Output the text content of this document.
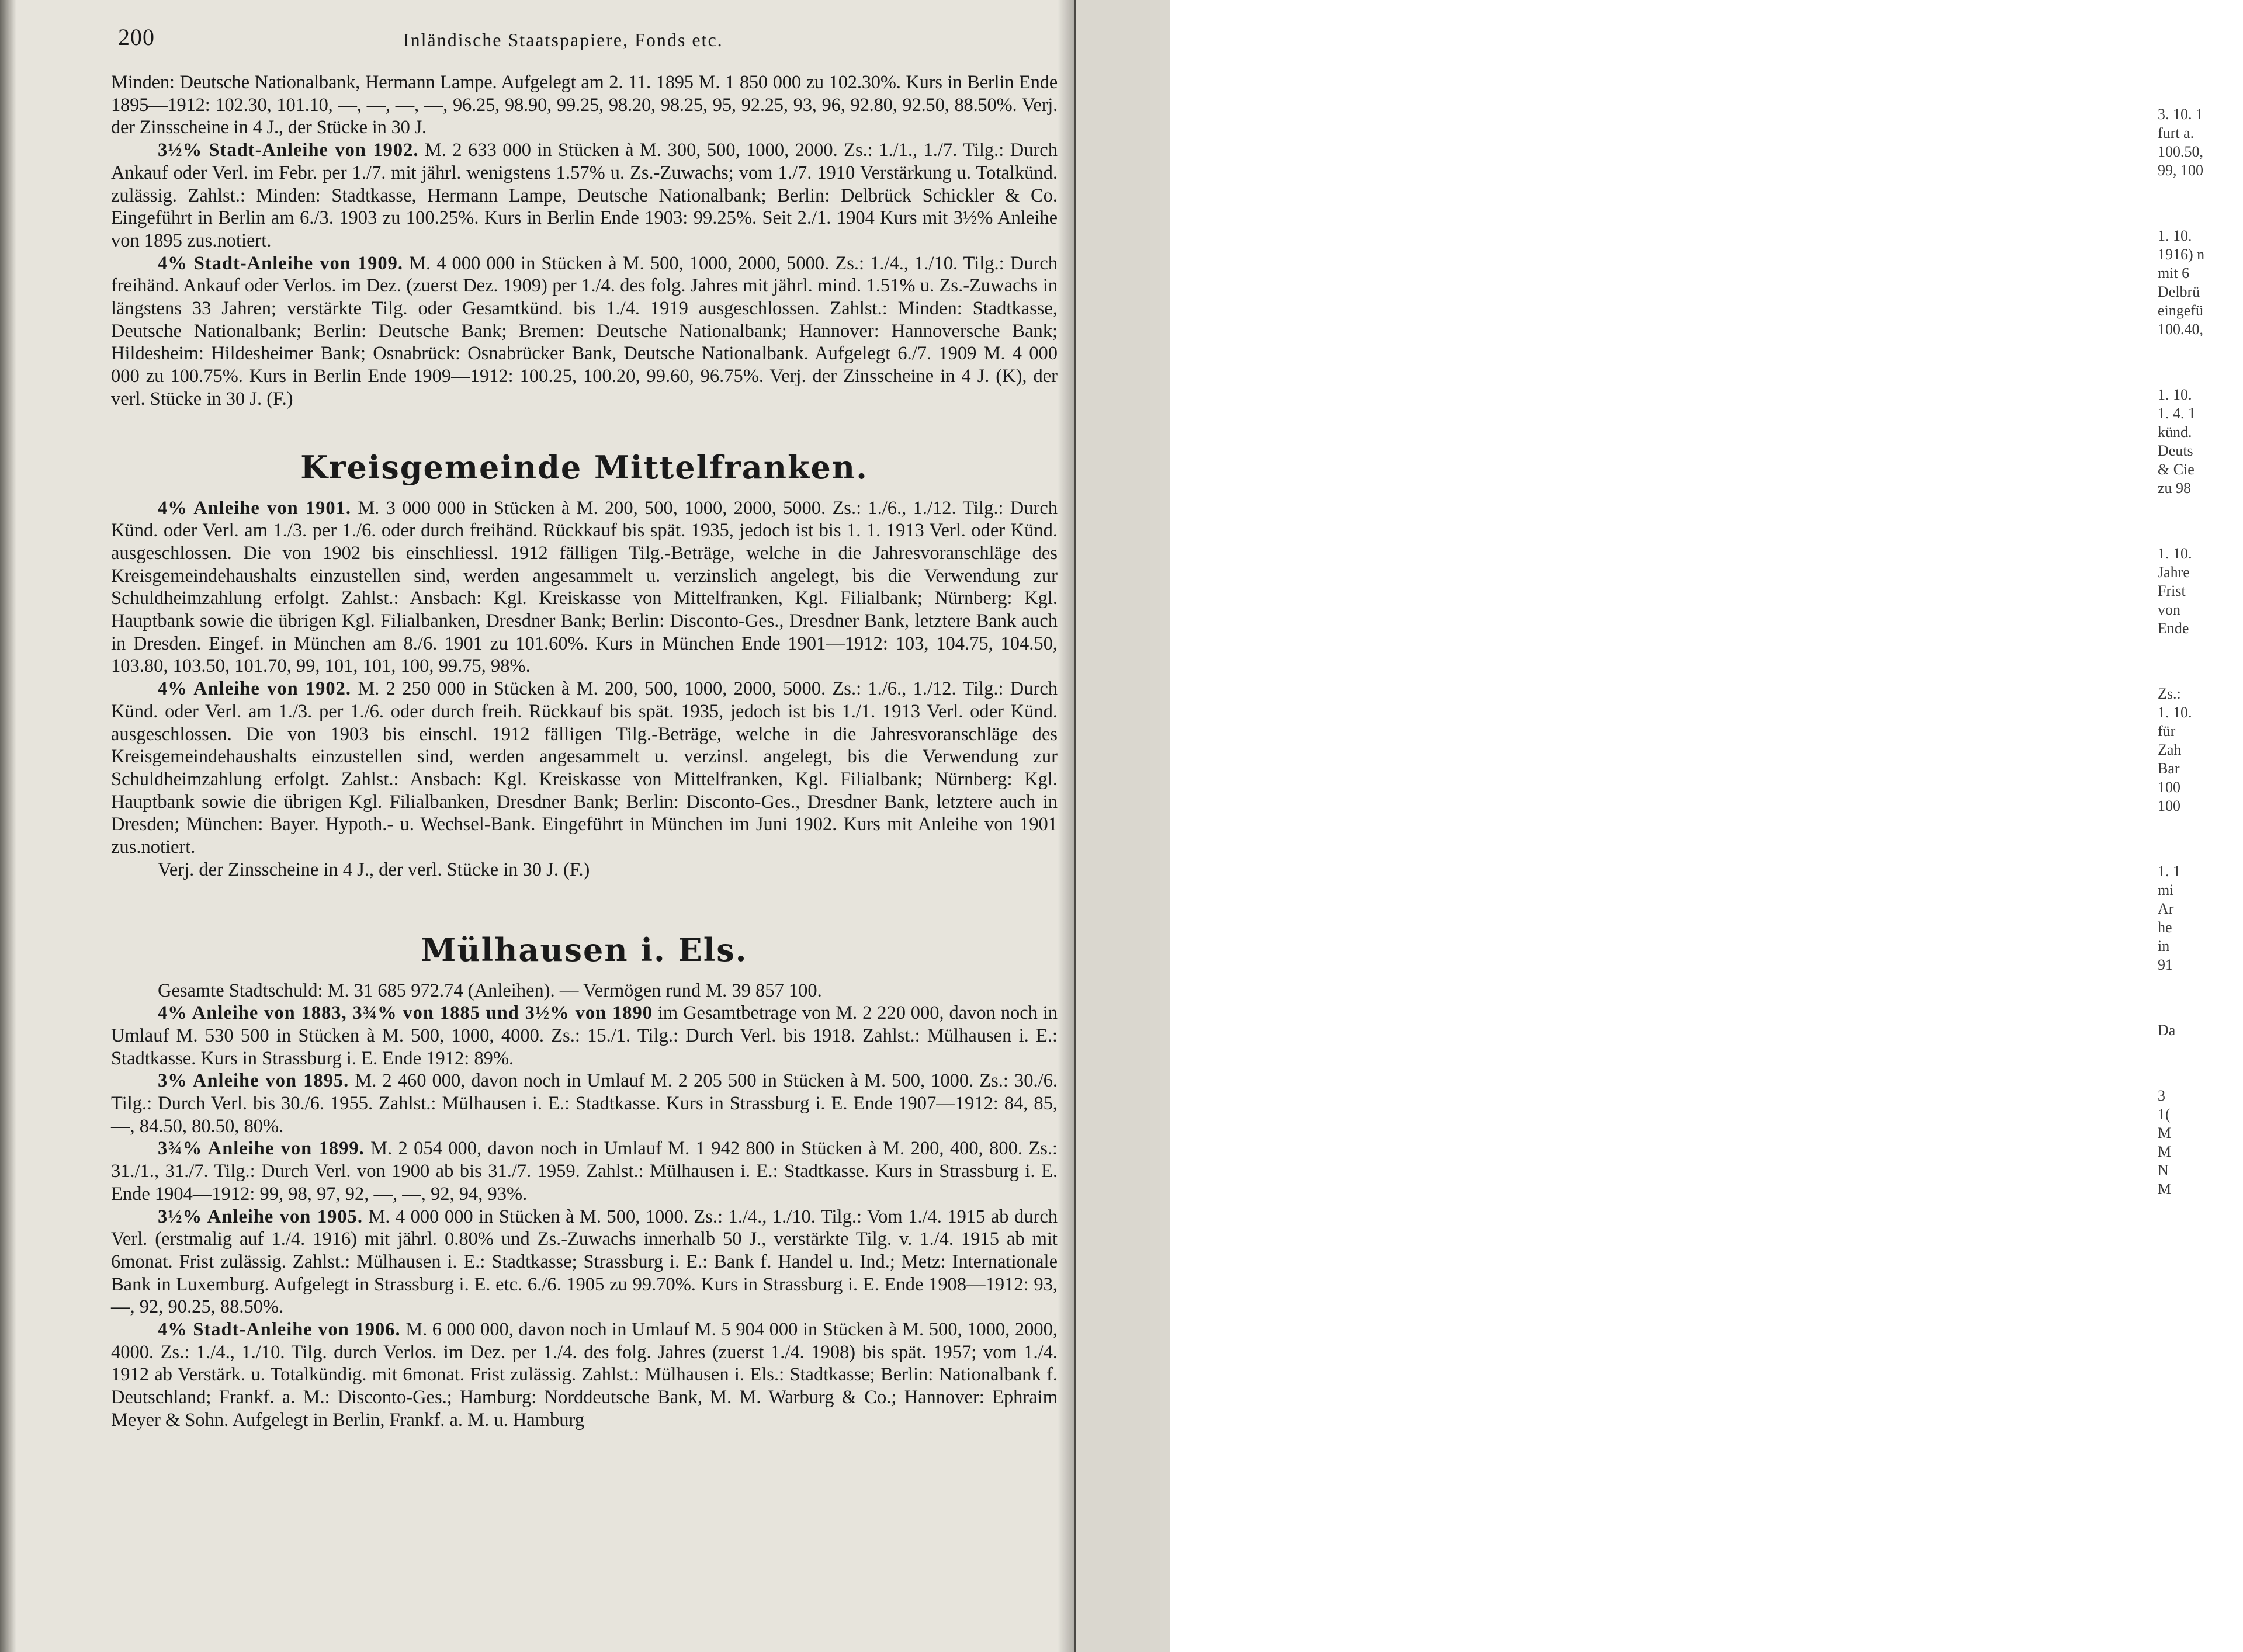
3. 10. 1
furt a.
100.50,
99, 100
1. 10.
1916) n
mit 6
Delbrü
eingefü
100.40,
1. 10.
1. 4. 1
künd.
Deuts
& Cie
zu 98
1. 10.
Jahre
Frist
von
Ende
Zs.:
1. 10.
für
Zah
Bar
100
100
1. 1
mi
Ar
he
in
91
Da
3
1(
M
M
N
M
200	Inländische Staatspapiere, Fonds etc.

Minden: Deutsche Nationalbank, Hermann Lampe. Aufgelegt am 2. 11. 1895 M. 1 850 000 zu 102.30%. Kurs in Berlin Ende 1895—1912: 102.30, 101.10, —, —, —, —, 96.25, 98.90, 99.25, 98.20, 98.25, 95, 92.25, 93, 96, 92.80, 92.50, 88.50%. Verj. der Zinsscheine in 4 J., der Stücke in 30 J.

3½% Stadt-Anleihe von 1902. M. 2 633 000 in Stücken à M. 300, 500, 1000, 2000. Zs.: 1./1., 1./7. Tilg.: Durch Ankauf oder Verl. im Febr. per 1./7. mit jährl. wenigstens 1.57% u. Zs.-Zuwachs; vom 1./7. 1910 Verstärkung u. Totalkünd. zulässig. Zahlst.: Minden: Stadtkasse, Hermann Lampe, Deutsche Nationalbank; Berlin: Delbrück Schickler & Co. Eingeführt in Berlin am 6./3. 1903 zu 100.25%. Kurs in Berlin Ende 1903: 99.25%. Seit 2./1. 1904 Kurs mit 3½% Anleihe von 1895 zus.notiert.

4% Stadt-Anleihe von 1909. M. 4 000 000 in Stücken à M. 500, 1000, 2000, 5000. Zs.: 1./4., 1./10. Tilg.: Durch freihänd. Ankauf oder Verlos. im Dez. (zuerst Dez. 1909) per 1./4. des folg. Jahres mit jährl. mind. 1.51% u. Zs.-Zuwachs in längstens 33 Jahren; verstärkte Tilg. oder Gesamtkünd. bis 1./4. 1919 ausgeschlossen. Zahlst.: Minden: Stadtkasse, Deutsche Nationalbank; Berlin: Deutsche Bank; Bremen: Deutsche Nationalbank; Hannover: Hannoversche Bank; Hildesheim: Hildesheimer Bank; Osnabrück: Osnabrücker Bank, Deutsche Nationalbank. Aufgelegt 6./7. 1909 M. 4 000 000 zu 100.75%. Kurs in Berlin Ende 1909—1912: 100.25, 100.20, 99.60, 96.75%. Verj. der Zinsscheine in 4 J. (K), der verl. Stücke in 30 J. (F.)

Kreisgemeinde Mittelfranken.

4% Anleihe von 1901. M. 3 000 000 in Stücken à M. 200, 500, 1000, 2000, 5000. Zs.: 1./6., 1./12. Tilg.: Durch Künd. oder Verl. am 1./3. per 1./6. oder durch freihänd. Rückkauf bis spät. 1935, jedoch ist bis 1. 1. 1913 Verl. oder Künd. ausgeschlossen. Die von 1902 bis einschliessl. 1912 fälligen Tilg.-Beträge, welche in die Jahresvoranschläge des Kreisgemeindehaushalts einzustellen sind, werden angesammelt u. verzinslich angelegt, bis die Verwendung zur Schuldheimzahlung erfolgt. Zahlst.: Ansbach: Kgl. Kreiskasse von Mittelfranken, Kgl. Filialbank; Nürnberg: Kgl. Hauptbank sowie die übrigen Kgl. Filialbanken, Dresdner Bank; Berlin: Disconto-Ges., Dresdner Bank, letztere Bank auch in Dresden. Eingef. in München am 8./6. 1901 zu 101.60%. Kurs in München Ende 1901—1912: 103, 104.75, 104.50, 103.80, 103.50, 101.70, 99, 101, 101, 100, 99.75, 98%.

4% Anleihe von 1902. M. 2 250 000 in Stücken à M. 200, 500, 1000, 2000, 5000. Zs.: 1./6., 1./12. Tilg.: Durch Künd. oder Verl. am 1./3. per 1./6. oder durch freih. Rückkauf bis spät. 1935, jedoch ist bis 1./1. 1913 Verl. oder Künd. ausgeschlossen. Die von 1903 bis einschl. 1912 fälligen Tilg.-Beträge, welche in die Jahresvoranschläge des Kreisgemeindehaushalts einzustellen sind, werden angesammelt u. verzinsl. angelegt, bis die Verwendung zur Schuldheimzahlung erfolgt. Zahlst.: Ansbach: Kgl. Kreiskasse von Mittelfranken, Kgl. Filialbank; Nürnberg: Kgl. Hauptbank sowie die übrigen Kgl. Filialbanken, Dresdner Bank; Berlin: Disconto-Ges., Dresdner Bank, letztere auch in Dresden; München: Bayer. Hypoth.- u. Wechsel-Bank. Eingeführt in München im Juni 1902. Kurs mit Anleihe von 1901 zus.notiert.

Verj. der Zinsscheine in 4 J., der verl. Stücke in 30 J. (F.)

Mülhausen i. Els.

Gesamte Stadtschuld: M. 31 685 972.74 (Anleihen). — Vermögen rund M. 39 857 100.

4% Anleihe von 1883, 3¾% von 1885 und 3½% von 1890 im Gesamtbetrage von M. 2 220 000, davon noch in Umlauf M. 530 500 in Stücken à M. 500, 1000, 4000. Zs.: 15./1. Tilg.: Durch Verl. bis 1918. Zahlst.: Mülhausen i. E.: Stadtkasse. Kurs in Strassburg i. E. Ende 1912: 89%.

3% Anleihe von 1895. M. 2 460 000, davon noch in Umlauf M. 2 205 500 in Stücken à M. 500, 1000. Zs.: 30./6. Tilg.: Durch Verl. bis 30./6. 1955. Zahlst.: Mülhausen i. E.: Stadtkasse. Kurs in Strassburg i. E. Ende 1907—1912: 84, 85, —, 84.50, 80.50, 80%.

3¾% Anleihe von 1899. M. 2 054 000, davon noch in Umlauf M. 1 942 800 in Stücken à M. 200, 400, 800. Zs.: 31./1., 31./7. Tilg.: Durch Verl. von 1900 ab bis 31./7. 1959. Zahlst.: Mülhausen i. E.: Stadtkasse. Kurs in Strassburg i. E. Ende 1904—1912: 99, 98, 97, 92, —, —, 92, 94, 93%.

3½% Anleihe von 1905. M. 4 000 000 in Stücken à M. 500, 1000. Zs.: 1./4., 1./10. Tilg.: Vom 1./4. 1915 ab durch Verl. (erstmalig auf 1./4. 1916) mit jährl. 0.80% und Zs.-Zuwachs innerhalb 50 J., verstärkte Tilg. v. 1./4. 1915 ab mit 6monat. Frist zulässig. Zahlst.: Mülhausen i. E.: Stadtkasse; Strassburg i. E.: Bank f. Handel u. Ind.; Metz: Internationale Bank in Luxemburg. Aufgelegt in Strassburg i. E. etc. 6./6. 1905 zu 99.70%. Kurs in Strassburg i. E. Ende 1908—1912: 93, —, 92, 90.25, 88.50%.

4% Stadt-Anleihe von 1906. M. 6 000 000, davon noch in Umlauf M. 5 904 000 in Stücken à M. 500, 1000, 2000, 4000. Zs.: 1./4., 1./10. Tilg. durch Verlos. im Dez. per 1./4. des folg. Jahres (zuerst 1./4. 1908) bis spät. 1957; vom 1./4. 1912 ab Verstärk. u. Totalkündig. mit 6monat. Frist zulässig. Zahlst.: Mülhausen i. Els.: Stadtkasse; Berlin: Nationalbank f. Deutschland; Frankf. a. M.: Disconto-Ges.; Hamburg: Norddeutsche Bank, M. M. Warburg & Co.; Hannover: Ephraim Meyer & Sohn. Aufgelegt in Berlin, Frankf. a. M. u. Hamburg
